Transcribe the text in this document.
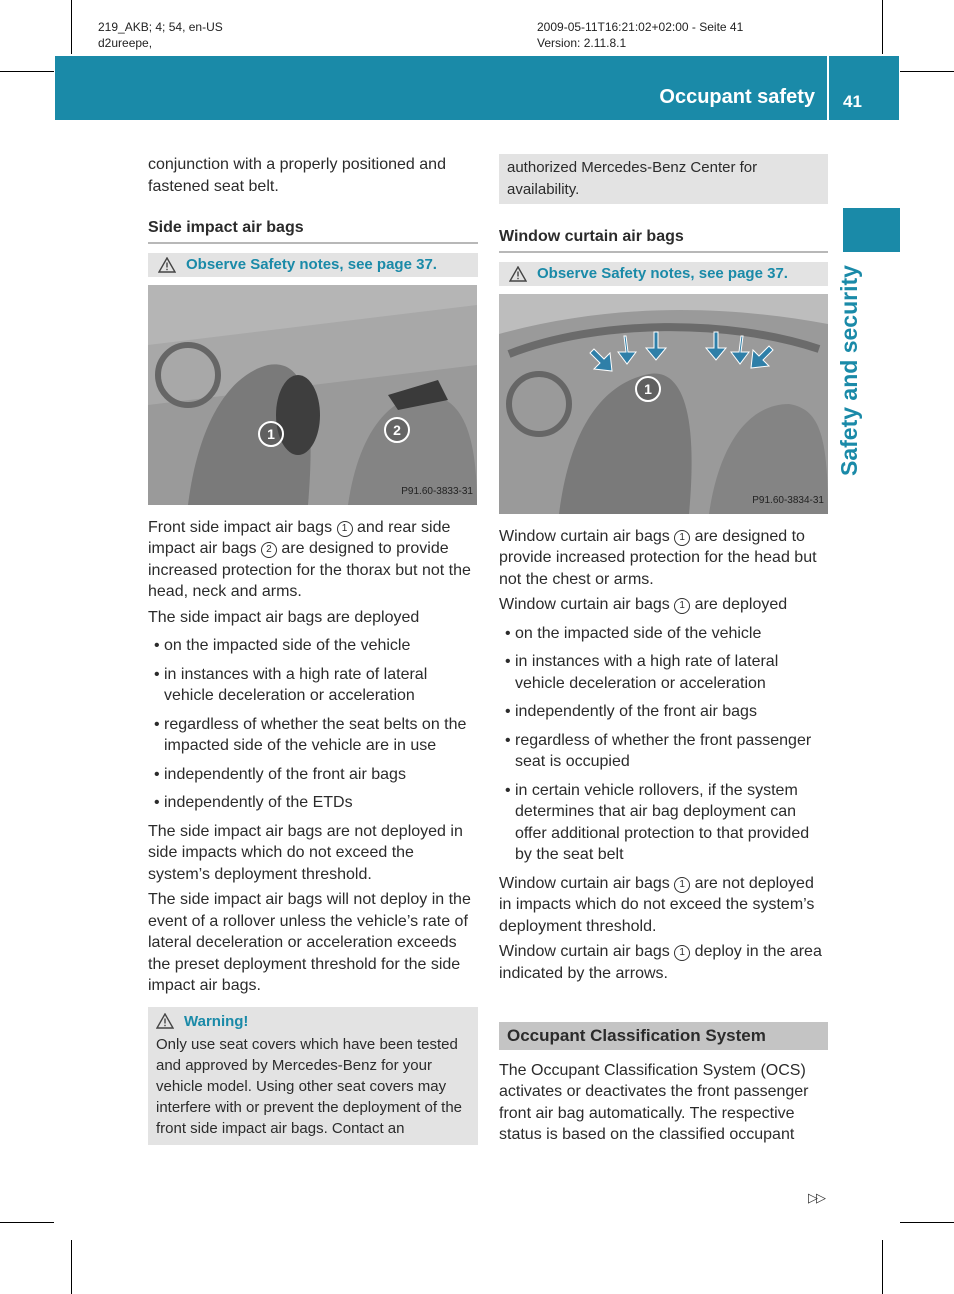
219_AKB; 4; 54, en-US
d2ureepe,
2009-05-11T16:21:02+02:00 - Seite 41
Version: 2.11.8.1
Occupant safety 41
Safety and security

conjunction with a properly positioned and fastened seat belt.

Side impact air bags
Observe Safety notes, see page 37.
1	2
P91.60-3833-31

Front side impact air bags 1 and rear side impact air bags 2 are designed to provide increased protection for the thorax but not the head, neck and arms.

The side impact air bags are deployed

• on the impacted side of the vehicle

• in instances with a high rate of lateral vehicle deceleration or acceleration

• regardless of whether the seat belts on the impacted side of the vehicle are in use

• independently of the front air bags

• independently of the ETDs

The side impact air bags are not deployed in side impacts which do not exceed the system’s deployment threshold.

The side impact air bags will not deploy in the event of a rollover unless the vehicle’s rate of lateral deceleration or acceleration exceeds the preset deployment threshold for the side impact air bags.

Warning!

Only use seat covers which have been tested and approved by Mercedes-Benz for your vehicle model. Using other seat covers may interfere with or prevent the deployment of the front side impact air bags. Contact an

authorized Mercedes-Benz Center for availability.
Window curtain air bags
Observe Safety notes, see page 37.
1
P91.60-3834-31

Window curtain air bags 1 are designed to provide increased protection for the head but not the chest or arms.

Window curtain air bags 1 are deployed

• on the impacted side of the vehicle

• in instances with a high rate of lateral vehicle deceleration or acceleration

• independently of the front air bags

• regardless of whether the front passenger seat is occupied

• in certain vehicle rollovers, if the system determines that air bag deployment can offer additional protection to that provided by the seat belt

Window curtain air bags 1 are not deployed in impacts which do not exceed the system’s deployment threshold.

Window curtain air bags 1 deploy in the area indicated by the arrows.

Occupant Classification System

The Occupant Classification System (OCS) activates or deactivates the front passenger front air bag automatically. The respective status is based on the classified occupant

▷▷
